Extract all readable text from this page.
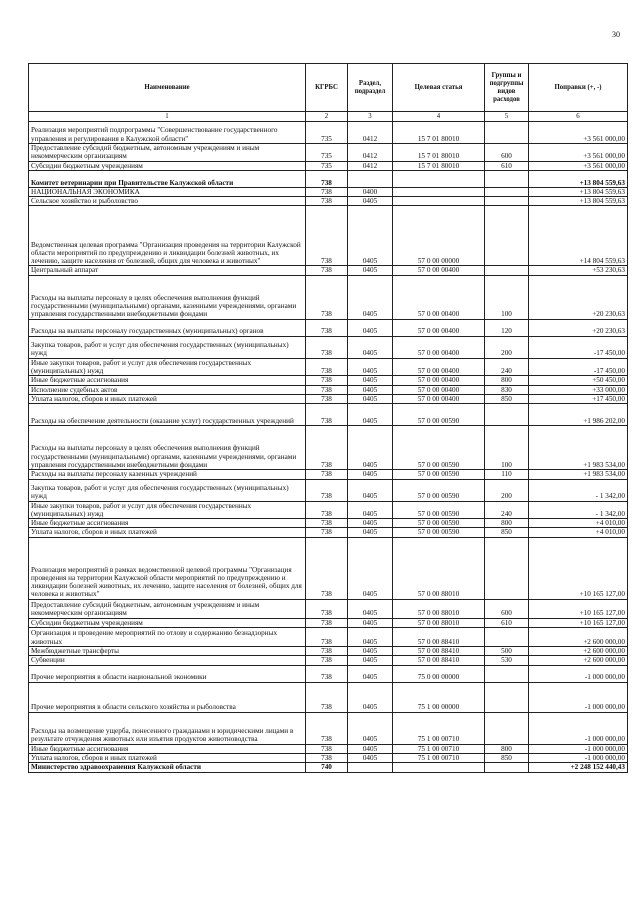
30
Наименование	КГРБС	Раздел, подраздел	Целевая статья	Группы и подгруппы видов расходов	Поправки (+, -)
1	2	3	4	5	6
Реализация мероприятий подпрограммы "Совершенствование государственного управления и регулирования в Калужской области"	735	0412	15 7 01 80010		+3 561 000,00
Предоставление субсидий бюджетным, автономным учреждениям и иным некоммерческим организациям	735	0412	15 7 01 80010	600	+3 561 000,00
Субсидии бюджетным учреждениям	735	0412	15 7 01 80010	610	+3 561 000,00
Комитет ветеринарии при Правительстве Калужской области	738				+13 804 559,63
НАЦИОНАЛЬНАЯ ЭКОНОМИКА	738	0400			+13 804 559,63
Сельское хозяйство и рыболовство	738	0405			+13 804 559,63
Ведомственная целевая программа "Организация проведения на территории Калужской области мероприятий по предупреждению и ликвидации болезней животных, их лечению, защите населения от болезней, общих для человека и животных"	738	0405	57 0 00 00000		+14 804 559,63
Центральный аппарат	738	0405	57 0 00 00400		+53 230,63
Расходы на выплаты персоналу в целях обеспечения выполнения функций государственными (муниципальными) органами, казенными учреждениями, органами управления государственными внебюджетными фондами	738	0405	57 0 00 00400	100	+20 230,63
Расходы на выплаты персоналу государственных (муниципальных) органов	738	0405	57 0 00 00400	120	+20 230,63
Закупка товаров, работ и услуг для обеспечения государственных (муниципальных) нужд	738	0405	57 0 00 00400	200	-17 450,00
Иные закупки товаров, работ и услуг для обеспечения государственных (муниципальных) нужд	738	0405	57 0 00 00400	240	-17 450,00
Иные бюджетные ассигнования	738	0405	57 0 00 00400	800	+50 450,00
Исполнение судебных актов	738	0405	57 0 00 00400	830	+33 000,00
Уплата налогов, сборов и иных платежей	738	0405	57 0 00 00400	850	+17 450,00
Расходы на обеспечение деятельности (оказание услуг) государственных учреждений	738	0405	57 0 00 00590		+1 986 202,00
Расходы на выплаты персоналу в целях обеспечения выполнения функций государственными (муниципальными) органами, казенными учреждениями, органами управления государственными внебюджетными фондами	738	0405	57 0 00 00590	100	+1 983 534,00
Расходы на выплаты персоналу казенных учреждений	738	0405	57 0 00 00590	110	+1 983 534,00
Закупка товаров, работ и услуг для обеспечения государственных (муниципальных) нужд	738	0405	57 0 00 00590	200	- 1 342,00
Иные закупки товаров, работ и услуг для обеспечения государственных (муниципальных) нужд	738	0405	57 0 00 00590	240	- 1 342,00
Иные бюджетные ассигнования	738	0405	57 0 00 00590	800	+4 010,00
Уплата налогов, сборов и иных платежей	738	0405	57 0 00 00590	850	+4 010,00
Реализация мероприятий в рамках ведомственной целевой программы "Организация проведения на территории Калужской области мероприятий по предупреждению и ликвидации болезней животных, их лечению, защите населения от болезней, общих для человека и животных"	738	0405	57 0 00 88010		+10 165 127,00
Предоставление субсидий бюджетным, автономным учреждениям и иным некоммерческим организациям	738	0405	57 0 00 88010	600	+10 165 127,00
Субсидии бюджетным учреждениям	738	0405	57 0 00 88010	610	+10 165 127,00
Организация и проведение мероприятий по отлову и содержанию безнадзорных животных	738	0405	57 0 00 88410		+2 600 000,00
Межбюджетные трансферты	738	0405	57 0 00 88410	500	+2 600 000,00
Субвенции	738	0405	57 0 00 88410	530	+2 600 000,00
Прочие мероприятия в области национальной экономики	738	0405	75 0 00 00000		-1 000 000,00
Прочие мероприятия в области сельского хозяйства и рыболовства	738	0405	75 1 00 00000		-1 000 000,00
Расходы на возмещение ущерба, понесенного гражданами и юридическими лицами в результате отчуждения животных или изъятия продуктов животноводства	738	0405	75 1 00 00710		-1 000 000,00
Иные бюджетные ассигнования	738	0405	75 1 00 00710	800	-1 000 000,00
Уплата налогов, сборов и иных платежей	738	0405	75 1 00 00710	850	-1 000 000,00
Министерство здравоохранения Калужской области	740				+2 248 152 440,43
